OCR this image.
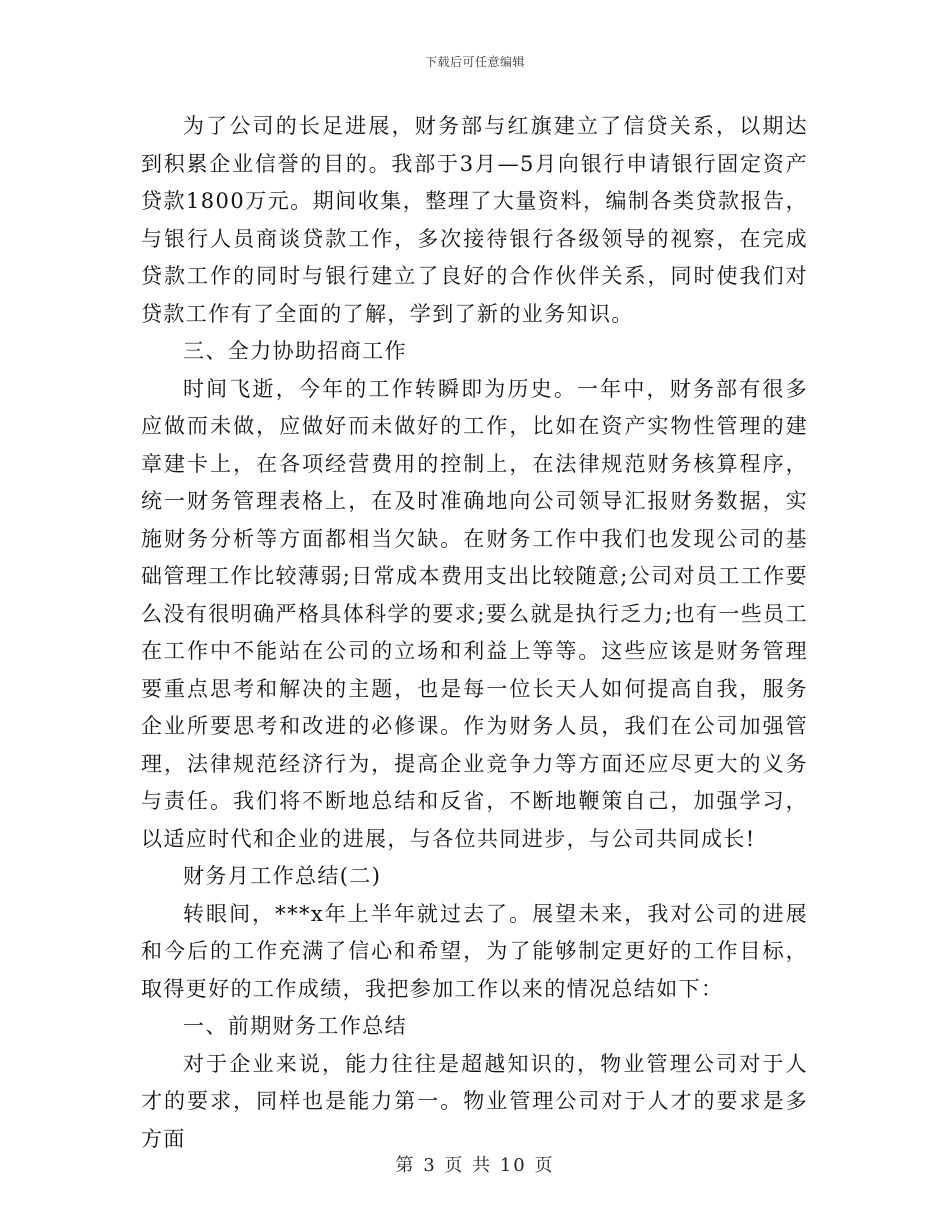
下载后可任意编辑

为了公司的长足进展，财务部与红旗建立了信贷关系，以期达到积累企业信誉的目的。我部于3月—5月向银行申请银行固定资产贷款1800万元。期间收集，整理了大量资料，编制各类贷款报告，与银行人员商谈贷款工作，多次接待银行各级领导的视察，在完成贷款工作的同时与银行建立了良好的合作伙伴关系，同时使我们对贷款工作有了全面的了解，学到了新的业务知识。

三、全力协助招商工作

时间飞逝，今年的工作转瞬即为历史。一年中，财务部有很多应做而未做，应做好而未做好的工作，比如在资产实物性管理的建章建卡上，在各项经营费用的控制上，在法律规范财务核算程序，统一财务管理表格上，在及时准确地向公司领导汇报财务数据，实施财务分析等方面都相当欠缺。在财务工作中我们也发现公司的基础管理工作比较薄弱;日常成本费用支出比较随意;公司对员工工作要么没有很明确严格具体科学的要求;要么就是执行乏力;也有一些员工在工作中不能站在公司的立场和利益上等等。这些应该是财务管理要重点思考和解决的主题，也是每一位长天人如何提高自我，服务企业所要思考和改进的必修课。作为财务人员，我们在公司加强管理，法律规范经济行为，提高企业竞争力等方面还应尽更大的义务与责任。我们将不断地总结和反省，不断地鞭策自己，加强学习，以适应时代和企业的进展，与各位共同进步，与公司共同成长!

财务月工作总结(二)

转眼间，***x年上半年就过去了。展望未来，我对公司的进展和今后的工作充满了信心和希望，为了能够制定更好的工作目标，取得更好的工作成绩，我把参加工作以来的情况总结如下：

一、前期财务工作总结

对于企业来说，能力往往是超越知识的，物业管理公司对于人才的要求，同样也是能力第一。物业管理公司对于人才的要求是多方面

第 3 页 共 10 页
